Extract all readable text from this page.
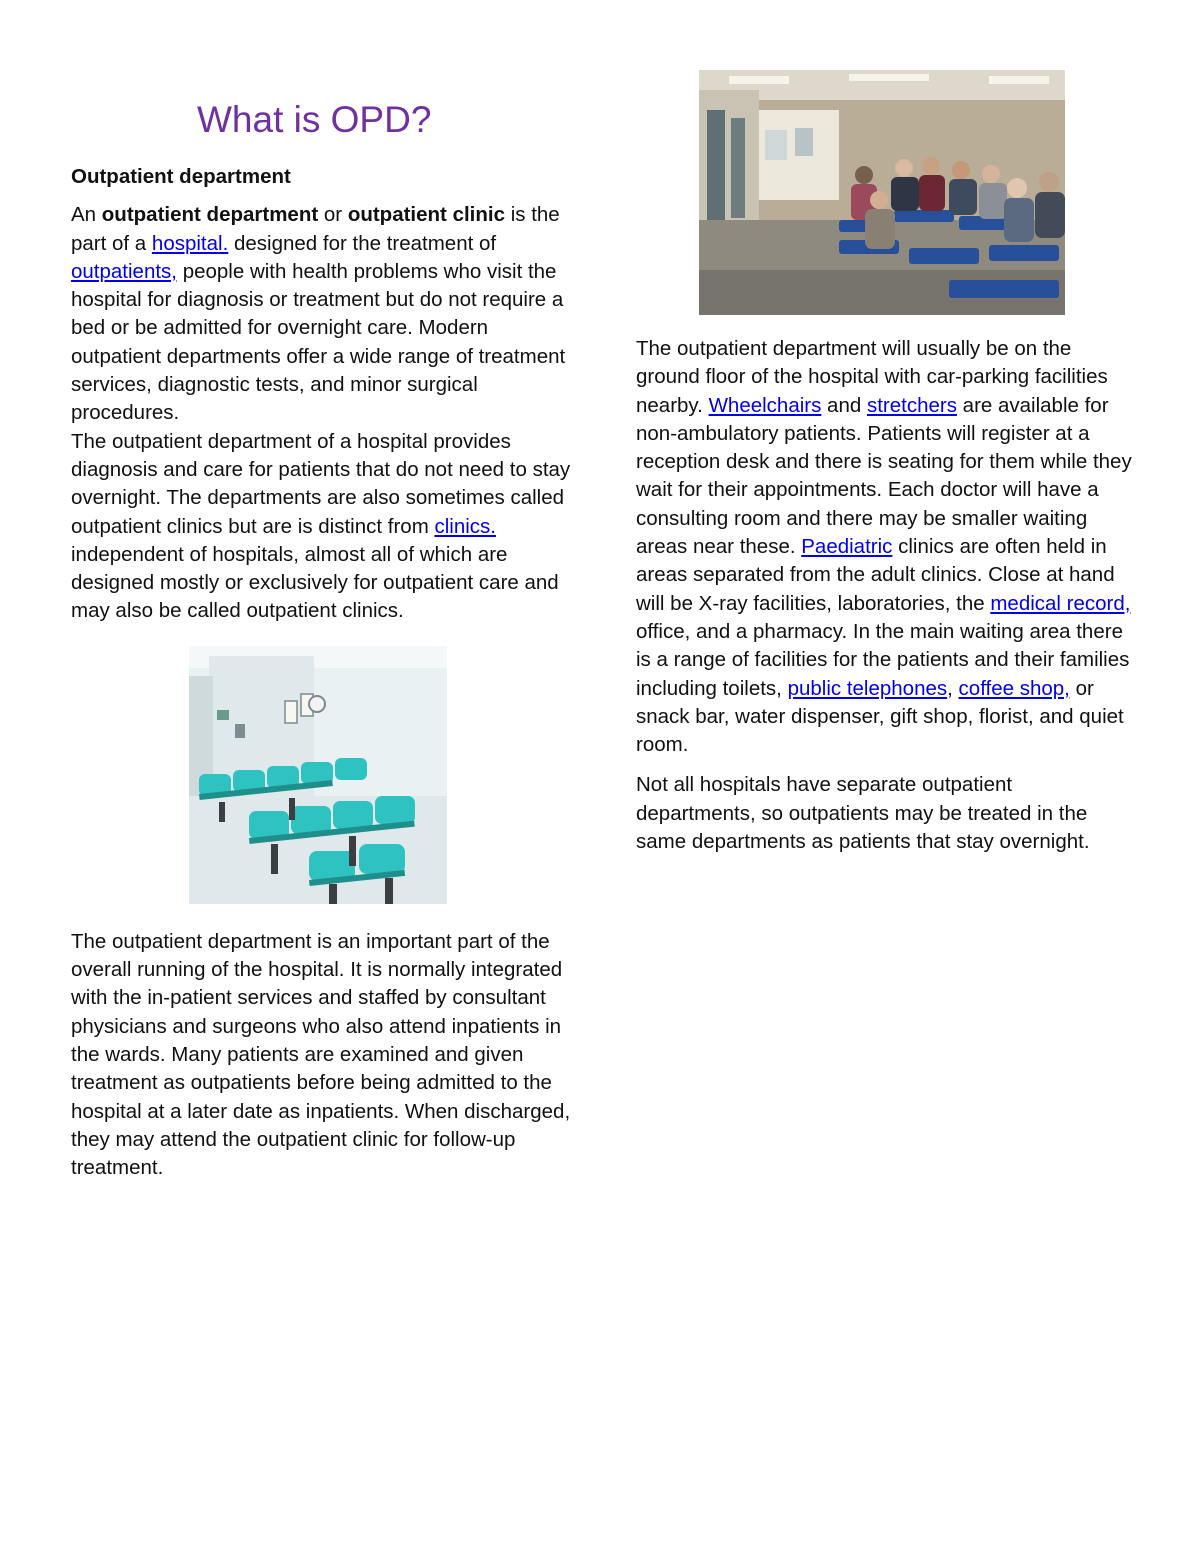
What is OPD?

Outpatient department

An outpatient department or outpatient clinic is the part of a hospital. designed for the treatment of outpatients, people with health problems who visit the hospital for diagnosis or treatment but do not require a bed or be admitted for overnight care. Modern outpatient departments offer a wide range of treatment services, diagnostic tests, and minor surgical procedures.

The outpatient department of a hospital provides diagnosis and care for patients that do not need to stay overnight. The departments are also sometimes called outpatient clinics but are is distinct from clinics. independent of hospitals, almost all of which are designed mostly or exclusively for outpatient care and may also be called outpatient clinics.

The outpatient department is an important part of the overall running of the hospital. It is normally integrated with the in-patient services and staffed by consultant physicians and surgeons who also attend inpatients in the wards. Many patients are examined and given treatment as outpatients before being admitted to the hospital at a later date as inpatients. When discharged, they may attend the outpatient clinic for follow-up treatment.

The outpatient department will usually be on the ground floor of the hospital with car-parking facilities nearby. Wheelchairs and stretchers are available for non-ambulatory patients. Patients will register at a reception desk and there is seating for them while they wait for their appointments. Each doctor will have a consulting room and there may be smaller waiting areas near these. Paediatric clinics are often held in areas separated from the adult clinics. Close at hand will be X-ray facilities, laboratories, the medical record, office, and a pharmacy. In the main waiting area there is a range of facilities for the patients and their families including toilets, public telephones, coffee shop, or snack bar, water dispenser, gift shop, florist, and quiet room.

Not all hospitals have separate outpatient departments, so outpatients may be treated in the same departments as patients that stay overnight.
